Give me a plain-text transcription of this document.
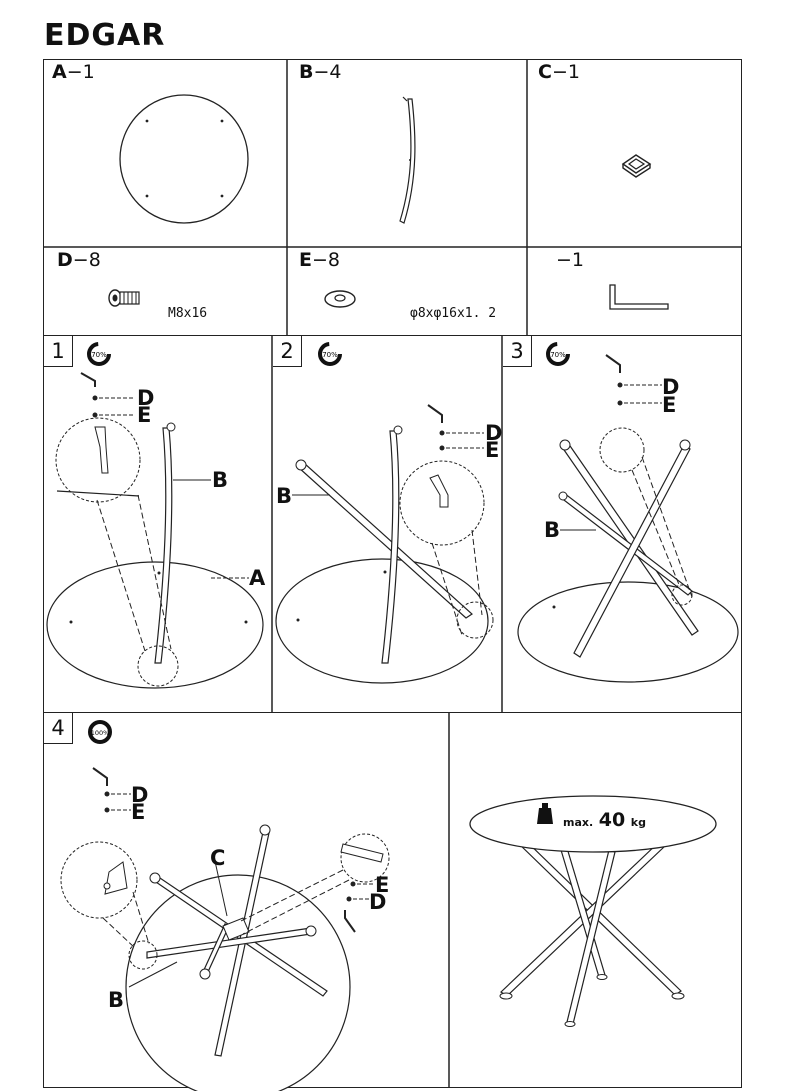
EDGAR
A−1	B−4	C−1
D−8
M8x16
E−8
φ8xφ16x1. 2
−1
1	70%
D
E
B
A
2	70%
D
E
B
3	70%
D
E
B
4	100%
D
E
C
E
D
B
max. 40 kg
